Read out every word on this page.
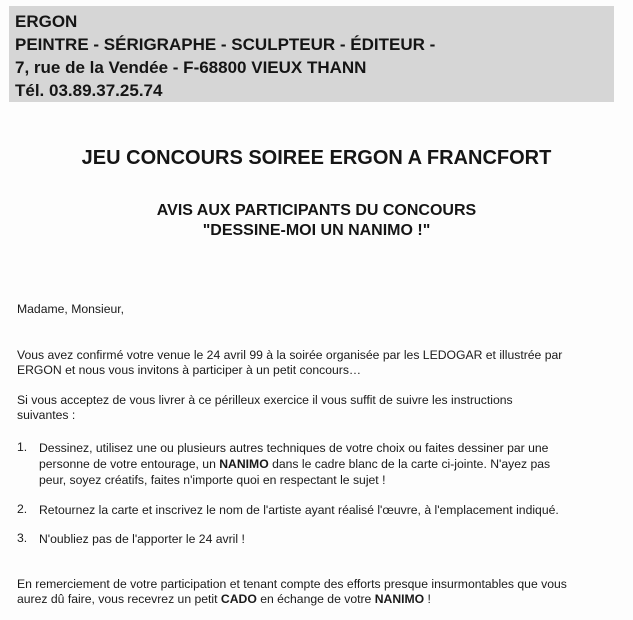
ERGON
PEINTRE - SÉRIGRAPHE - SCULPTEUR - ÉDITEUR -
7, rue de la Vendée - F-68800 VIEUX THANN
Tél. 03.89.37.25.74
JEU CONCOURS SOIREE ERGON A FRANCFORT
AVIS AUX PARTICIPANTS DU CONCOURS
"DESSINE-MOI UN NANIMO !"
Madame, Monsieur,
Vous avez confirmé votre venue le 24 avril 99 à la soirée organisée par les LEDOGAR et illustrée par
ERGON et nous vous invitons à participer à un petit concours…
Si vous acceptez de vous livrer à ce périlleux exercice il vous suffit de suivre les instructions
suivantes :
1. Dessinez, utilisez une ou plusieurs autres techniques de votre choix ou faites dessiner par une
personne de votre entourage, un NANIMO dans le cadre blanc de la carte ci-jointe. N'ayez pas
peur, soyez créatifs, faites n'importe quoi en respectant le sujet !
2. Retournez la carte et inscrivez le nom de l'artiste ayant réalisé l'œuvre, à l'emplacement indiqué.
3. N'oubliez pas de l'apporter le 24 avril !
En remerciement de votre participation et tenant compte des efforts presque insurmontables que vous
aurez dû faire, vous recevrez un petit CADO en échange de votre NANIMO !
